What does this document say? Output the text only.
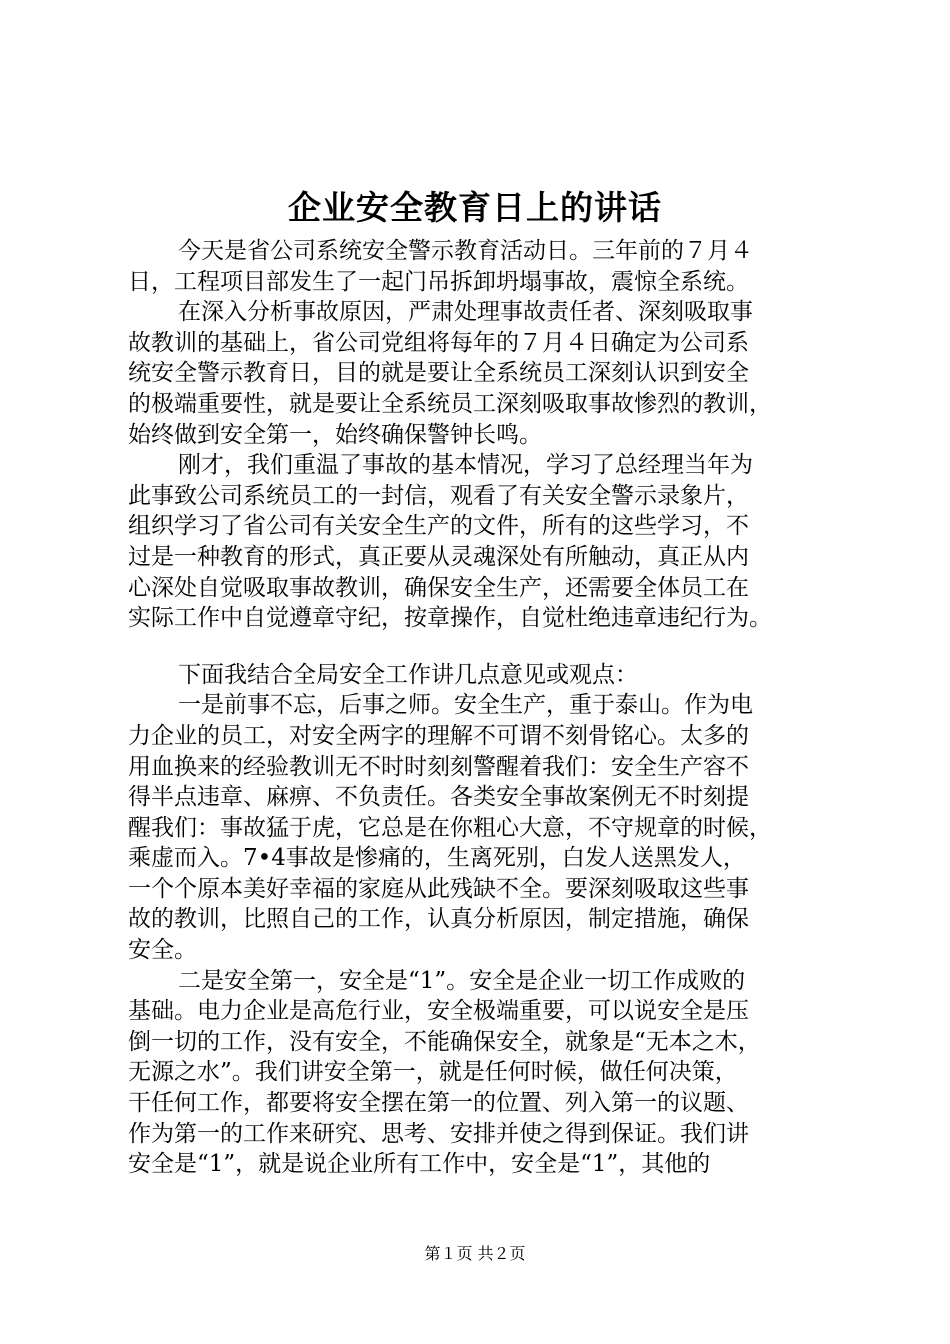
企业安全教育日上的讲话
今天是省公司系统安全警示教育活动日。三年前的７月４
日，工程项目部发生了一起门吊拆卸坍塌事故，震惊全系统。
在深入分析事故原因，严肃处理事故责任者、深刻吸取事
故教训的基础上，省公司党组将每年的７月４日确定为公司系
统安全警示教育日，目的就是要让全系统员工深刻认识到安全
的极端重要性，就是要让全系统员工深刻吸取事故惨烈的教训，
始终做到安全第一，始终确保警钟长鸣。
刚才，我们重温了事故的基本情况，学习了总经理当年为
此事致公司系统员工的一封信，观看了有关安全警示录象片，
组织学习了省公司有关安全生产的文件，所有的这些学习，不
过是一种教育的形式，真正要从灵魂深处有所触动，真正从内
心深处自觉吸取事故教训，确保安全生产，还需要全体员工在
实际工作中自觉遵章守纪，按章操作，自觉杜绝违章违纪行为。
下面我结合全局安全工作讲几点意见或观点：
一是前事不忘，后事之师。安全生产，重于泰山。作为电
力企业的员工，对安全两字的理解不可谓不刻骨铭心。太多的
用血换来的经验教训无不时时刻刻警醒着我们：安全生产容不
得半点违章、麻痹、不负责任。各类安全事故案例无不时刻提
醒我们：事故猛于虎，它总是在你粗心大意，不守规章的时候，
乘虚而入。7•4事故是惨痛的，生离死别，白发人送黑发人，
一个个原本美好幸福的家庭从此残缺不全。要深刻吸取这些事
故的教训，比照自己的工作，认真分析原因，制定措施，确保
安全。
二是安全第一，安全是“1”。安全是企业一切工作成败的
基础。电力企业是高危行业，安全极端重要，可以说安全是压
倒一切的工作，没有安全，不能确保安全，就象是“无本之木，
无源之水”。我们讲安全第一，就是任何时候，做任何决策，
干任何工作，都要将安全摆在第一的位置、列入第一的议题、
作为第一的工作来研究、思考、安排并使之得到保证。我们讲
安全是“1”，就是说企业所有工作中，安全是“1”，其他的
第１页 共２页
